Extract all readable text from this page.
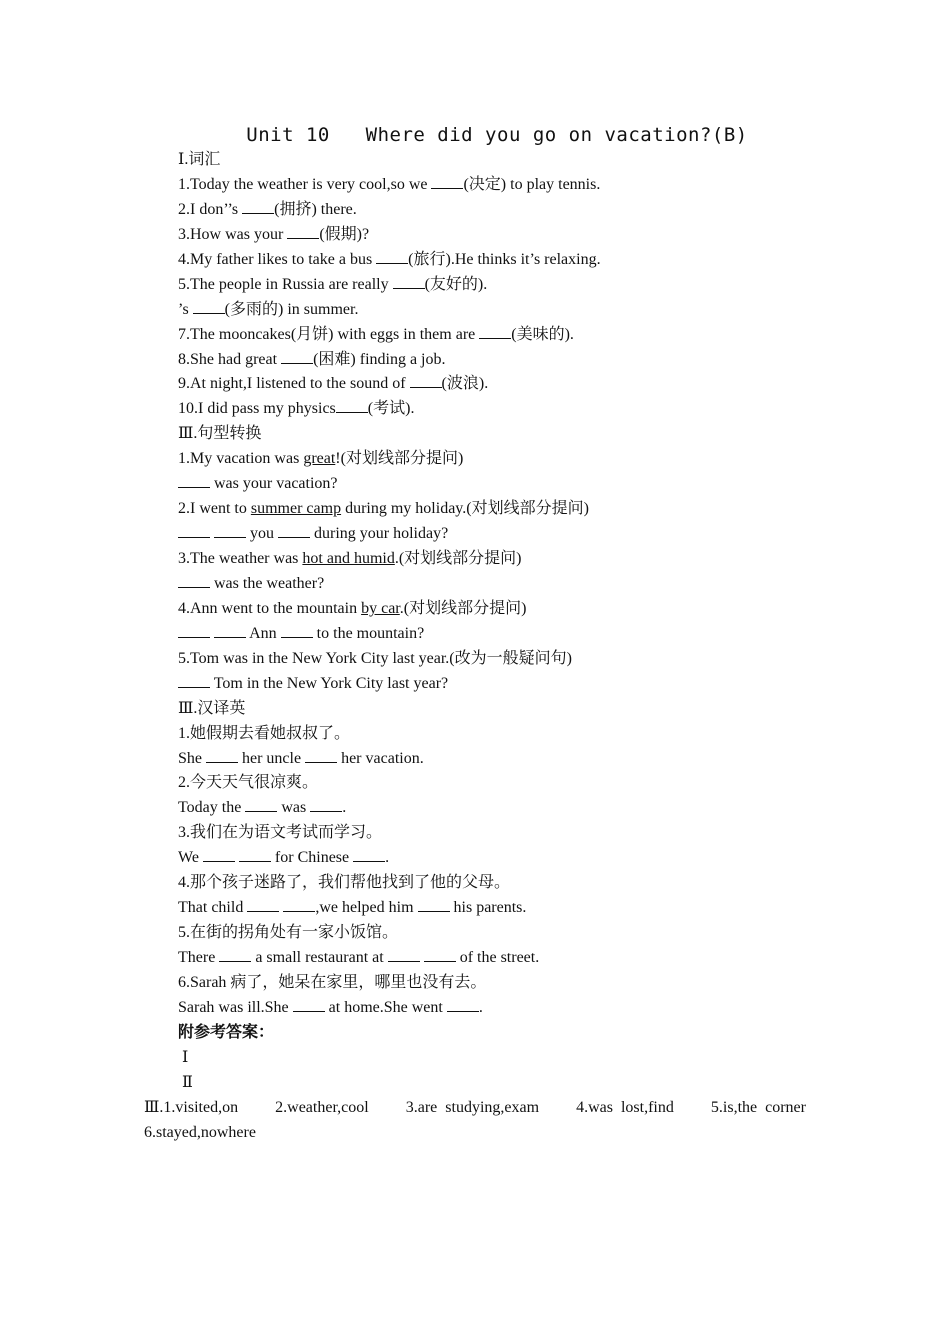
Unit 10   Where did you go on vacation?(B)
Ⅰ.词汇
1.Today the weather is very cool,so we (决定) to play tennis.
2.I don’’s (拥挤) there.
3.How was your (假期)?
4.My father likes to take a bus (旅行).He thinks it’s relaxing.
5.The people in Russia are really (友好的).
’s (多雨的) in summer.
7.The mooncakes(月饼) with eggs in them are (美味的).
8.She had great (困难) finding a job.
9.At night,I listened to the sound of (波浪).
10.I did pass my physics (考试).
Ⅲ.句型转换
1.My vacation was great!(对划线部分提问)
was your vacation?
2.I went to summer camp during my holiday.(对划线部分提问)
you  during your holiday?
3.The weather was hot and humid.(对划线部分提问)
was the weather?
4.Ann went to the mountain by car.(对划线部分提问)
Ann  to the mountain?
5.Tom was in the New York City last year.(改为一般疑问句)
Tom in the New York City last year?
Ⅲ.汉译英
1.她假期去看她叔叔了。
She  her uncle  her vacation.
2.今天天气很凉爽。
Today the  was .
3.我们在为语文考试而学习。
We	for Chinese .
4.那个孩子迷路了，我们帮他找到了他的父母。
That child	,we helped him  his parents.
5.在街的拐角处有一家小饭馆。
There  a small restaurant at	of the street.
6.Sarah 病了，她呆在家里，哪里也没有去。
Sarah was ill.She  at home.She went .
附参考答案：
Ⅰ
Ⅱ
Ⅲ.1.visited,on 2.weather,cool 3.are  studying,exam 4.was  lost,find 5.is,the  corner
6.stayed,nowhere
